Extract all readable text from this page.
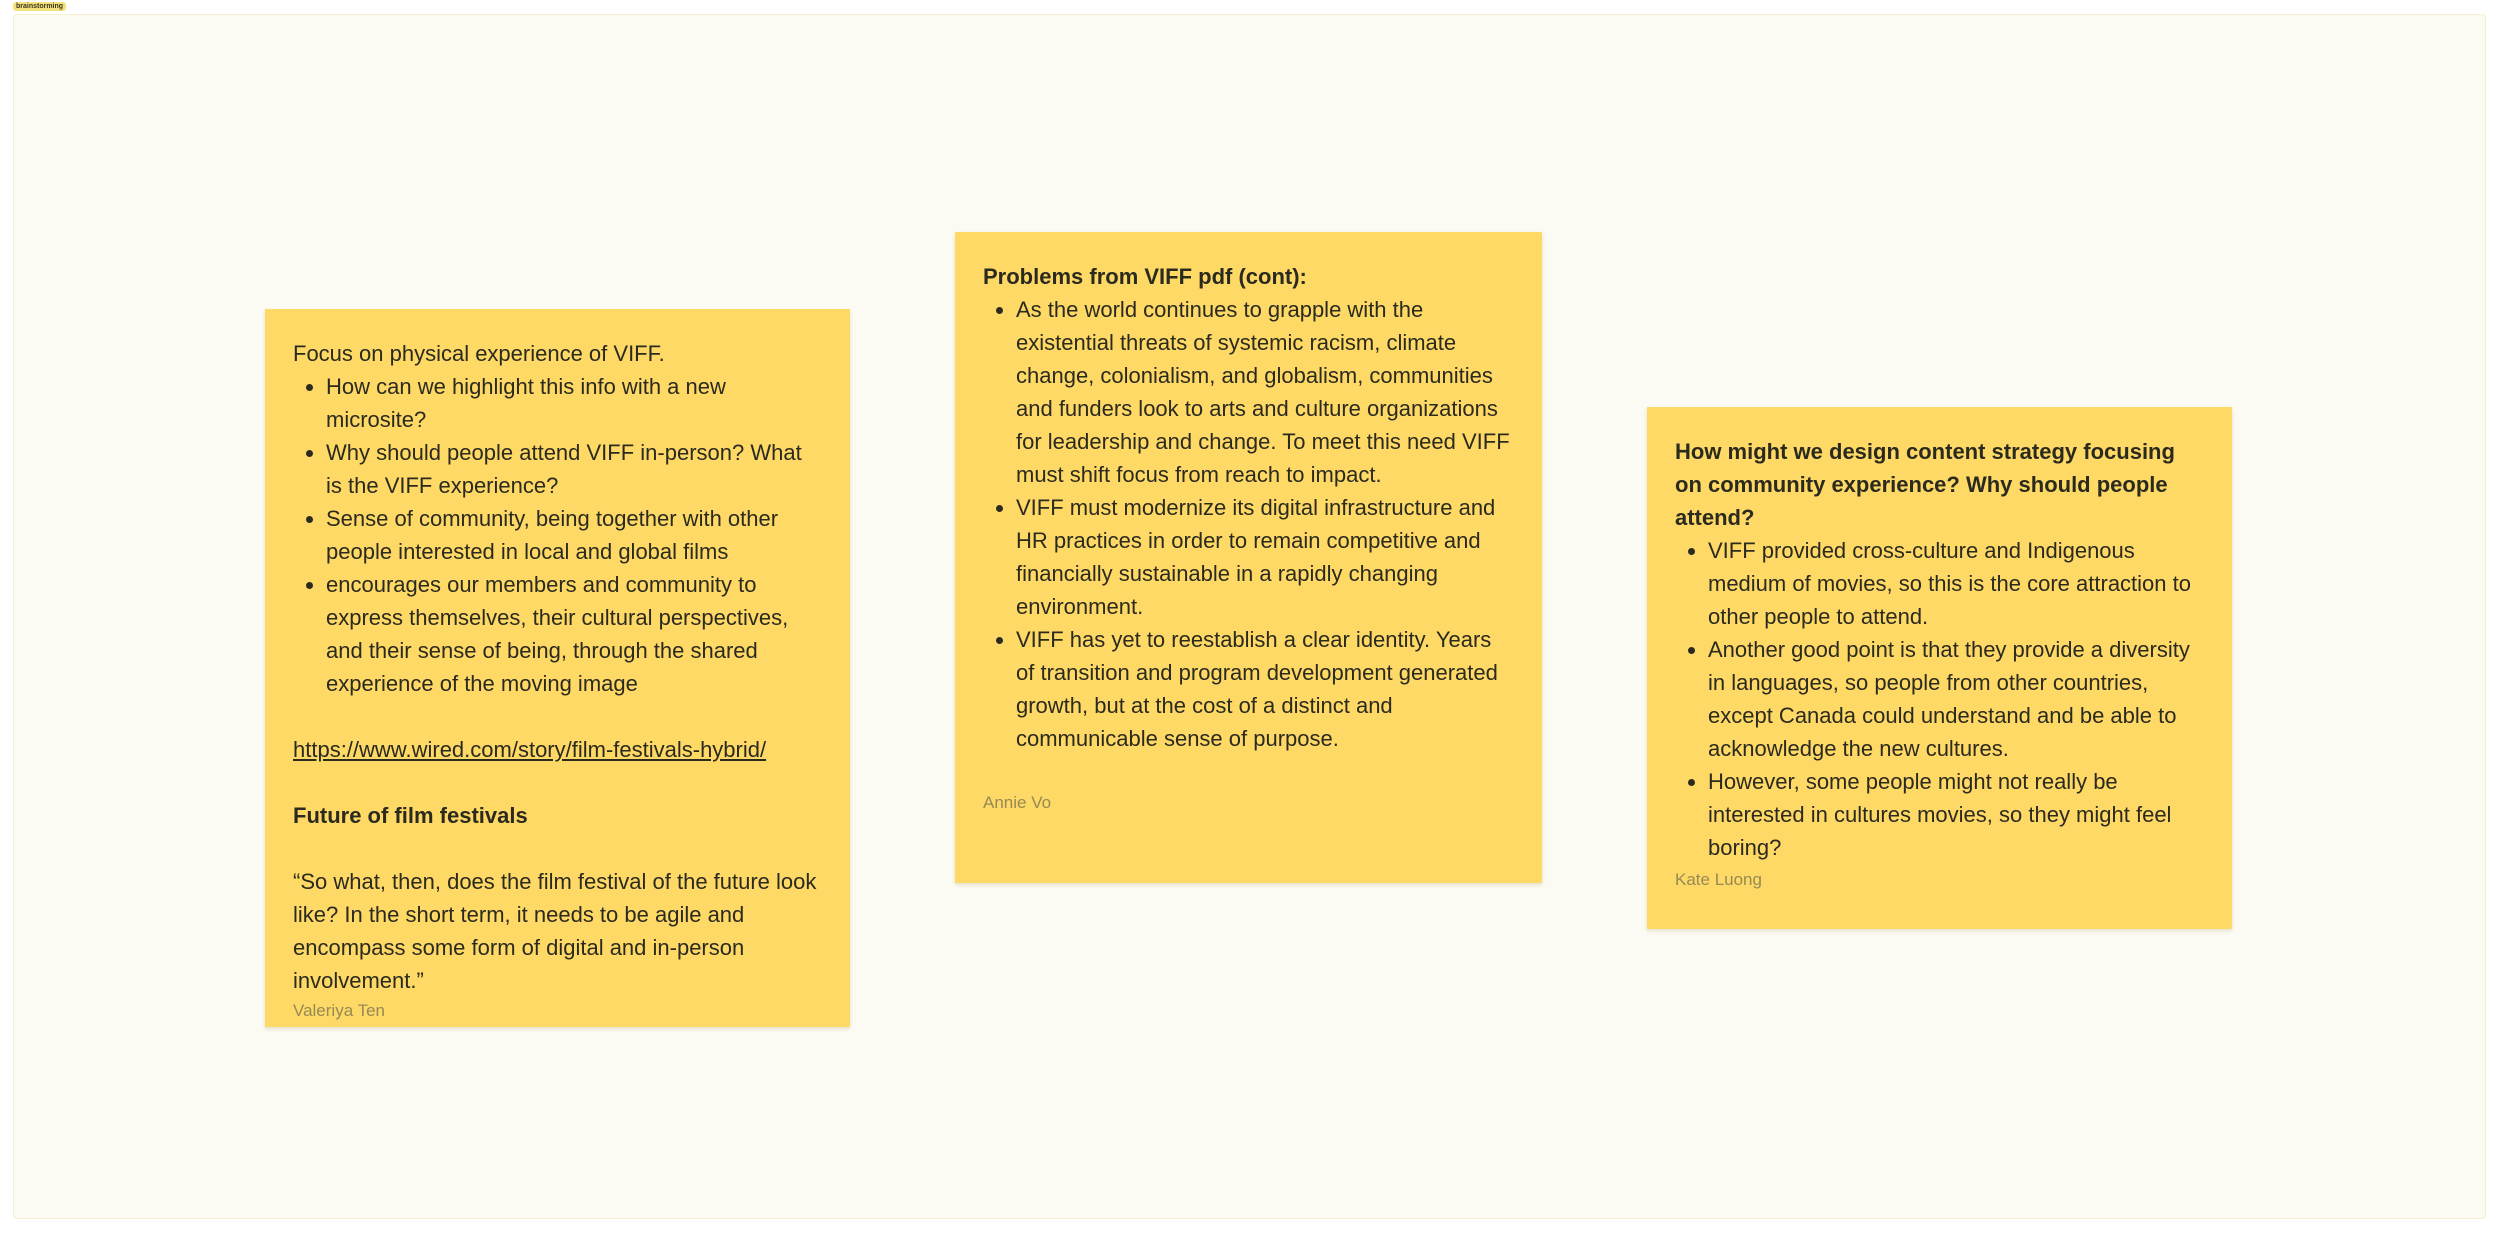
brainstorming

Focus on physical experience of VIFF.

• How can we highlight this info with a new microsite?
• Why should people attend VIFF in-person? What is the VIFF experience?
• Sense of community, being together with other people interested in local and global films
• encourages our members and community to express themselves, their cultural perspectives, and their sense of being, through the shared experience of the moving image

https://www.wired.com/story/film-festivals-hybrid/

Future of film festivals

“So what, then, does the film festival of the future look like? In the short term, it needs to be agile and encompass some form of digital and in-person involvement.”

Valeriya Ten

Problems from VIFF pdf (cont):

• As the world continues to grapple with the existential threats of systemic racism, climate change, colonialism, and globalism, communities and funders look to arts and culture organizations for leadership and change. To meet this need VIFF must shift focus from reach to impact.
• VIFF must modernize its digital infrastructure and HR practices in order to remain competitive and financially sustainable in a rapidly changing environment.
• VIFF has yet to reestablish a clear identity. Years of transition and program development generated growth, but at the cost of a distinct and communicable sense of purpose.
Annie Vo

How might we design content strategy focusing on community experience? Why should people attend?

• VIFF provided cross-culture and Indigenous medium of movies, so this is the core attraction to other people to attend.
• Another good point is that they provide a diversity in languages, so people from other countries, except Canada could understand and be able to acknowledge the new cultures.
• However, some people might not really be interested in cultures movies, so they might feel boring?
Kate Luong
